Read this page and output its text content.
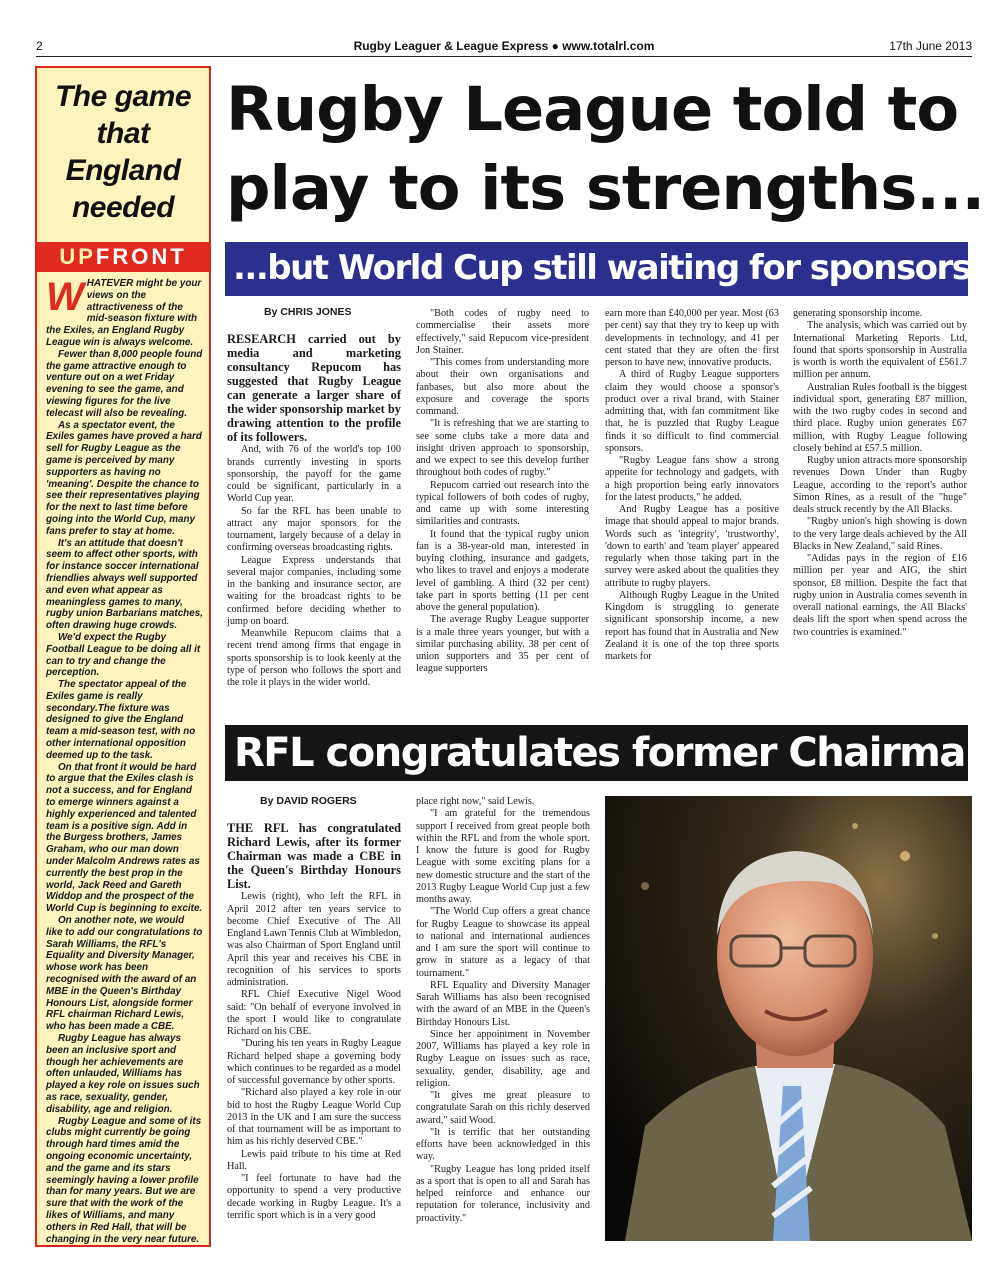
2	Rugby Leaguer & League Express ● www.totalrl.com	17th June 2013
The game that England needed
UPFRONT

WHATEVER might be your views on the attractiveness of the mid-season fixture with the Exiles, an England Rugby League win is always welcome.

Fewer than 8,000 people found the game attractive enough to venture out on a wet Friday evening to see the game, and viewing figures for the live telecast will also be revealing.

As a spectator event, the Exiles games have proved a hard sell for Rugby League as the game is perceived by many supporters as having no 'meaning'. Despite the chance to see their representatives playing for the next to last time before going into the World Cup, many fans prefer to stay at home.

It's an attitude that doesn't seem to affect other sports, with for instance soccer international friendlies always well supported and even what appear as meaningless games to many, rugby union Barbarians matches, often drawing huge crowds.

We'd expect the Rugby Football League to be doing all it can to try and change the perception.

The spectator appeal of the Exiles game is really secondary.The fixture was designed to give the England team a mid-season test, with no other international opposition deemed up to the task.

On that front it would be hard to argue that the Exiles clash is not a success, and for England to emerge winners against a highly experienced and talented team is a positive sign. Add in the Burgess brothers, James Graham, who our man down under Malcolm Andrews rates as currently the best prop in the world, Jack Reed and Gareth Widdop and the prospect of the World Cup is beginning to excite.

On another note, we would like to add our congratulations to Sarah Williams, the RFL's Equality and Diversity Manager, whose work has been recognised with the award of an MBE in the Queen's Birthday Honours List, alongside former RFL chairman Richard Lewis, who has been made a CBE.

Rugby League has always been an inclusive sport and though her achievements are often unlauded, Williams has played a key role on issues such as race, sexuality, gender, disability, age and religion.

Rugby League and some of its clubs might currently be going through hard times amid the ongoing economic uncertainty, and the game and its stars seemingly having a lower profile than for many years. But we are sure that with the work of the likes of Williams, and many others in Red Hall, that will be changing in the very near future.

Rugby League told to play to its strengths...
...but World Cup still waiting for sponsors
By CHRIS JONES

RESEARCH carried out by media and marketing consultancy Repucom has suggested that Rugby League can generate a larger share of the wider sponsorship market by drawing attention to the profile of its followers.

And, with 76 of the world's top 100 brands currently investing in sports sponsorship, the payoff for the game could be significant, particularly in a World Cup year.

So far the RFL has been unable to attract any major sponsors for the tournament, largely because of a delay in confirming overseas broadcasting rights.

League Express understands that several major companies, including some in the banking and insurance sector, are waiting for the broadcast rights to be confirmed before deciding whether to jump on board.

Meanwhile Repucom claims that a recent trend among firms that engage in sports sponsorship is to look keenly at the type of person who follows the sport and the role it plays in the wider world.

"Both codes of rugby need to commercialise their assets more effectively," said Repucom vice-president Jon Stainer.

"This comes from understanding more about their own organisations and fanbases, but also more about the exposure and coverage the sports command.

"It is refreshing that we are starting to see some clubs take a more data and insight driven approach to sponsorship, and we expect to see this develop further throughout both codes of rugby."

Repucom carried out research into the typical followers of both codes of rugby, and came up with some interesting similarities and contrasts.

It found that the typical rugby union fan is a 38-year-old man, interested in buying clothing, insurance and gadgets, who likes to travel and enjoys a moderate level of gambling. A third (32 per cent) take part in sports betting (11 per cent above the general population).

The average Rugby League supporter is a male three years younger, but with a similar purchasing ability. 38 per cent of union supporters and 35 per cent of league supporters

earn more than £40,000 per year. Most (63 per cent) say that they try to keep up with developments in technology, and 41 per cent stated that they are often the first person to have new, innovative products.

A third of Rugby League supporters claim they would choose a sponsor's product over a rival brand, with Stainer admitting that, with fan commitment like that, he is puzzled that Rugby League finds it so difficult to find commercial sponsors.

"Rugby League fans show a strong appetite for technology and gadgets, with a high proportion being early innovators for the latest products," he added.

And Rugby League has a positive image that should appeal to major brands. Words such as 'integrity', 'trustworthy', 'down to earth' and 'team player' appeared regularly when those taking part in the survey were asked about the qualities they attribute to rugby players.

Although Rugby League in the United Kingdom is struggling to generate significant sponsorship income, a new report has found that in Australia and New Zealand it is one of the top three sports markets for

generating sponsorship income.

The analysis, which was carried out by International Marketing Reports Ltd, found that sports sponsorship in Australia is worth is worth the equivalent of £561.7 million per annum.

Australian Rules football is the biggest individual sport, generating £87 million, with the two rugby codes in second and third place. Rugby union generates £67 million, with Rugby League following closely behind at £57.5 million.

Rugby union attracts more sponsorship revenues Down Under than Rugby League, according to the report's author Simon Rines, as a result of the "huge" deals struck recently by the All Blacks.

"Rugby union's high showing is down to the very large deals achieved by the All Blacks in New Zealand," said Rines.

"Adidas pays in the region of £16 million per year and AIG, the shirt sponsor, £8 million. Despite the fact that rugby union in Australia comes seventh in overall national earnings, the All Blacks' deals lift the sport when spend across the two countries is examined."

RFL congratulates former Chairman
By DAVID ROGERS

THE RFL has congratulated Richard Lewis, after its former Chairman was made a CBE in the Queen's Birthday Honours List.

Lewis (right), who left the RFL in April 2012 after ten years service to become Chief Executive of The All England Lawn Tennis Club at Wimbledon, was also Chairman of Sport England until April this year and receives his CBE in recognition of his services to sports administration.

RFL Chief Executive Nigel Wood said: "On behalf of everyone involved in the sport I would like to congratulate Richard on his CBE.

"During his ten years in Rugby League Richard helped shape a governing body which continues to be regarded as a model of successful governance by other sports.

"Richard also played a key role in our bid to host the Rugby League World Cup 2013 in the UK and I am sure the success of that tournament will be as important to him as his richly deserved CBE."

Lewis paid tribute to his time at Red Hall.

"I feel fortunate to have had the opportunity to spend a very productive decade working in Rugby League. It's a terrific sport which is in a very good

place right now," said Lewis.

"I am grateful for the tremendous support I received from great people both within the RFL and from the whole sport. I know the future is good for Rugby League with some exciting plans for a new domestic structure and the start of the 2013 Rugby League World Cup just a few months away.

"The World Cup offers a great chance for Rugby League to showcase its appeal to national and international audiences and I am sure the sport will continue to grow in stature as a legacy of that tournament."

RFL Equality and Diversity Manager Sarah Williams has also been recognised with the award of an MBE in the Queen's Birthday Honours List.

Since her appointment in November 2007, Williams has played a key role in Rugby League on issues such as race, sexuality, gender, disability, age and religion.

"It gives me great pleasure to congratulate Sarah on this richly deserved award," said Wood.

"It is terrific that her outstanding efforts have been acknowledged in this way.

"Rugby League has long prided itself as a sport that is open to all and Sarah has helped reinforce and enhance our reputation for tolerance, inclusivity and proactivity."
